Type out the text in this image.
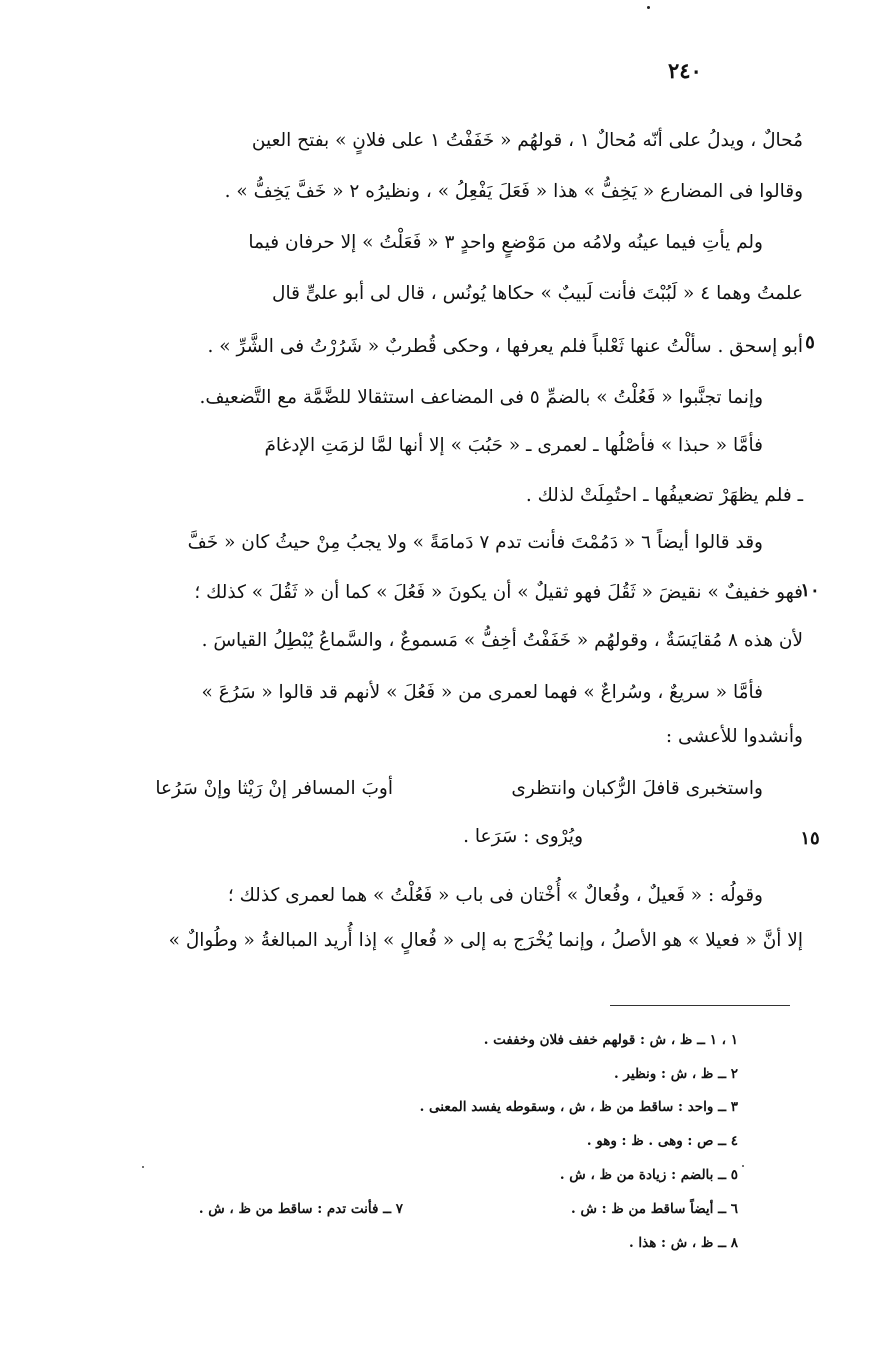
٢٤٠
مُحالٌ ، ويدلُ على أنّه مُحالٌ ١ ، قولهُم « خَفَفْتُ ١ على فلانٍ » بفتح العين
وقالوا فى المضارع « يَخِفُّ » هذا « فَعَلَ يَفْعِلُ » ، ونظيرُه ٢ « خَفَّ يَخِفُّ » .
ولم يأتِ فيما عينُه ولامُه من مَوْضعٍ واحدٍ ٣ « فَعَلْتُ » إلا حرفان فيما
علمتُ وهما ٤ « لَبُبْتَ فأنت لَبيبٌ » حكاها يُونُس ، قال لى أبو علىٍّ قال
أبو إسحق . سألْتُ عنها ثَعْلباً فلم يعرفها ، وحكى قُطربٌ « شَرُرْتُ فى الشَّرِّ » . ٥
وإنما تجنَّبوا « فَعُلْتُ » بالضمِّ ٥ فى المضاعف استثقالا للضَّمَّة مع التَّضعيف.
فأمَّا « حبذا » فأصْلُها ـ لعمرى ـ « حَبُبَ » إلا أنها لمَّا لزمَتِ الإدغامَ
ـ فلم يظهَرْ تضعيفُها ـ احتُمِلَتْ لذلك .
وقد قالوا أيضاً ٦ « دَمُمْتَ فأنت تدم ٧ دَمامَةً » ولا يجبُ مِنْ حيثُ كان « خَفَّ
فهو خفيفٌ » نقيضَ « ثَقُلَ فهو ثقيلٌ » أن يكونَ « فَعُلَ » كما أن « ثَقُلَ » كذلك ؛
١٠
لأن هذه ٨ مُقايَسَةٌ ، وقولهُم « خَفَفْتُ أخِفُّ » مَسموعٌ ، والسَّماعُ يُبْطِلُ القياسَ .
فأمَّا « سريعٌ ، وسُراعٌ » فهما لعمرى من « فَعُلَ » لأنهم قد قالوا « سَرُعَ »
وأنشدوا للأعشى :
واستخبرى قافلَ الرُّكبان وانتظرى
أوبَ المسافر إنْ رَيْثا وإنْ سَرُعا
ويُرْوى : سَرَعا .	١٥
وقولُه : « فَعيلٌ ، وفُعالٌ » أُخْتان فى باب « فَعُلْتُ » هما لعمرى كذلك ؛
إلا أنَّ « فعيلا » هو الأصلُ ، وإنما يُخْرَج به إلى « فُعالٍ » إذا أُريد المبالغةُ « وطُوالٌ »
١ ، ١ ــ ظ ، ش : قولهم خفف فلان وخففت .
٢ ــ ظ ، ش : ونظير .
٣ ــ واحد : ساقط من ظ ، ش ، وسقوطه يفسد المعنى .
٤ ــ ص : وهى . ظ : وهو .
٥ ــ بالضم : زيادة من ظ ، ش .
٦ ــ أيضاً ساقط من ظ : ش .
٧ ــ فأنت تدم : ساقط من ظ ، ش .
٨ ــ ظ ، ش : هذا .
